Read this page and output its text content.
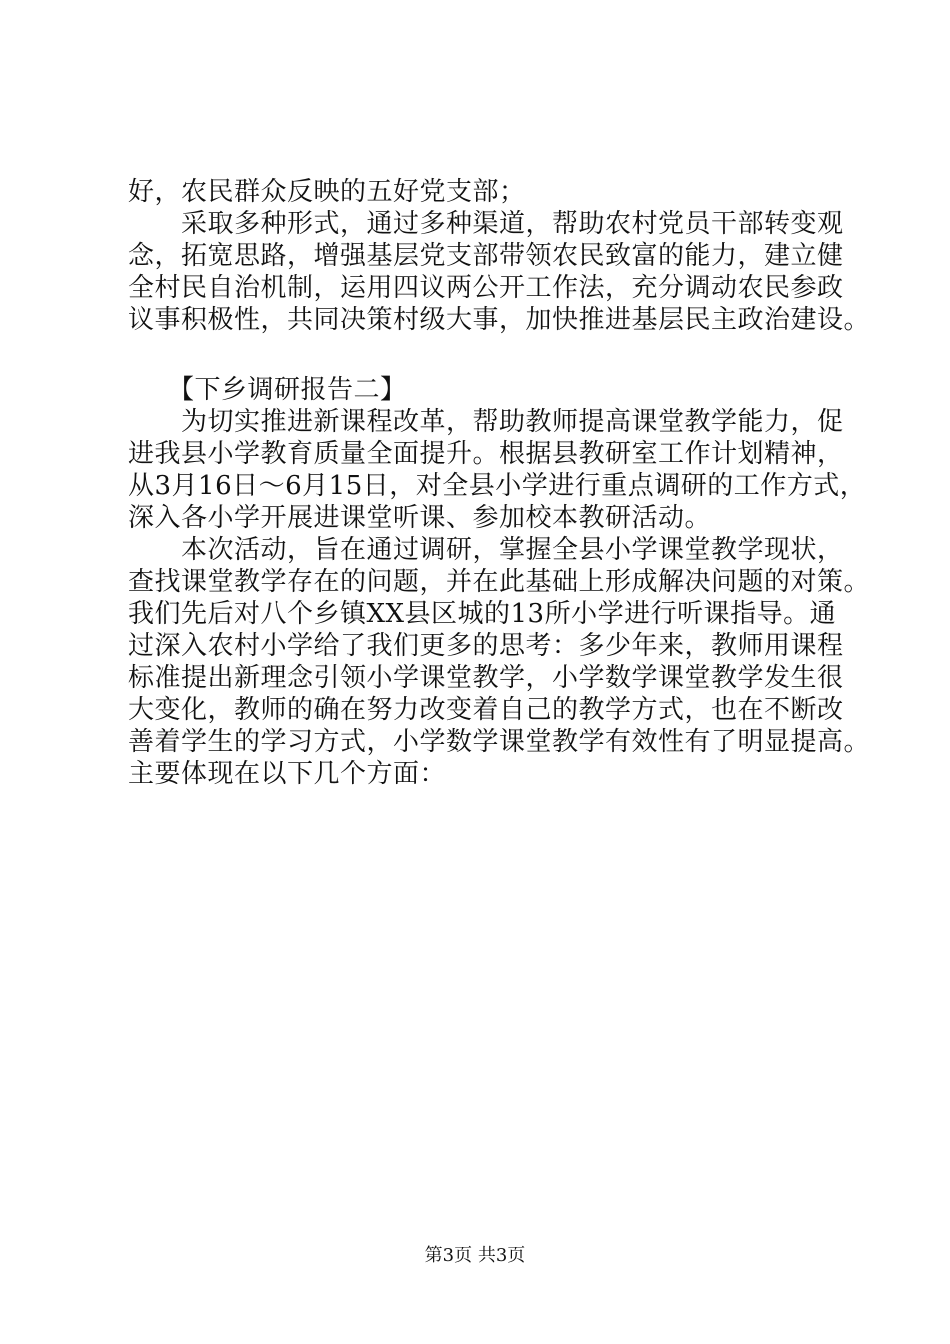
好，农民群众反映的五好党支部；
　　采取多种形式，通过多种渠道，帮助农村党员干部转变观
念，拓宽思路，增强基层党支部带领农民致富的能力，建立健
全村民自治机制，运用四议两公开工作法，充分调动农民参政
议事积极性，共同决策村级大事，加快推进基层民主政治建设。
　　【下乡调研报告二】
　　为切实推进新课程改革，帮助教师提高课堂教学能力，促
进我县小学教育质量全面提升。根据县教研室工作计划精神，
从3月16日～6月15日，对全县小学进行重点调研的工作方式，
深入各小学开展进课堂听课、参加校本教研活动。
　　本次活动，旨在通过调研，掌握全县小学课堂教学现状，
查找课堂教学存在的问题，并在此基础上形成解决问题的对策。
我们先后对八个乡镇XX县区城的13所小学进行听课指导。通
过深入农村小学给了我们更多的思考：多少年来，教师用课程
标准提出新理念引领小学课堂教学，小学数学课堂教学发生很
大变化，教师的确在努力改变着自己的教学方式，也在不断改
善着学生的学习方式，小学数学课堂教学有效性有了明显提高。
主要体现在以下几个方面：
第3页 共3页
